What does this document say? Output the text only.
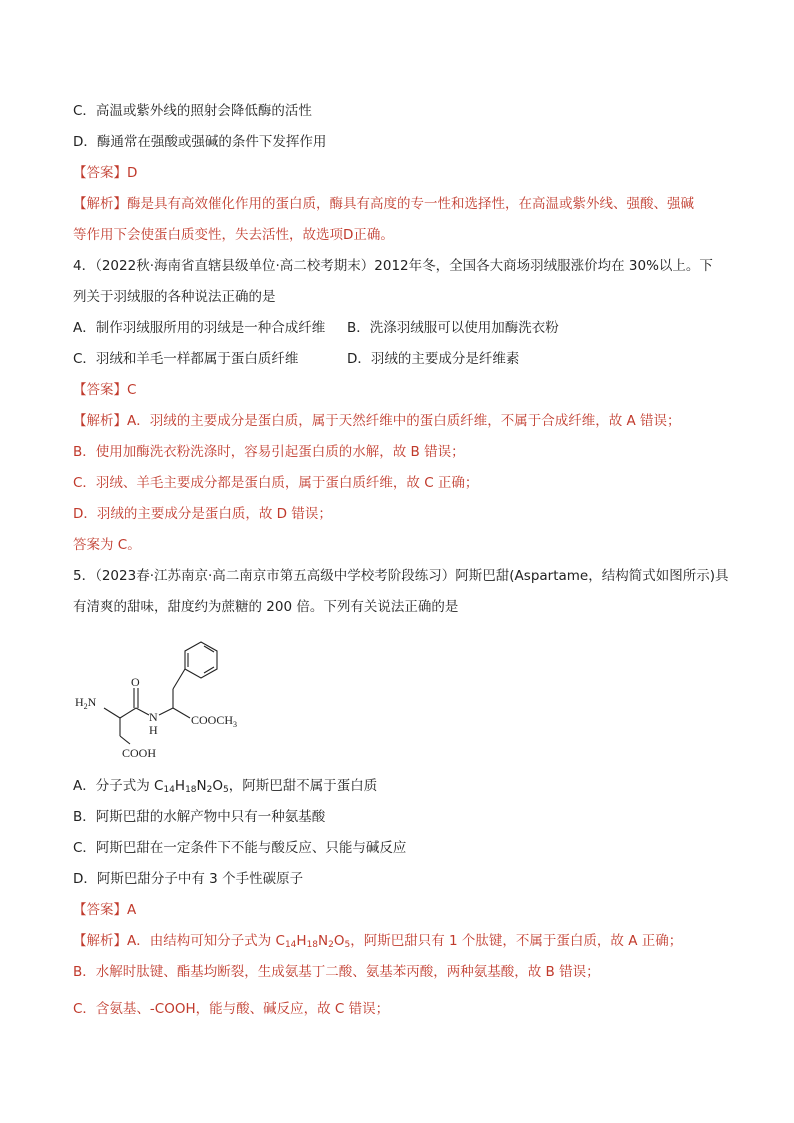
C．高温或紫外线的照射会降低酶的活性
D．酶通常在强酸或强碱的条件下发挥作用
【答案】D
【解析】酶是具有高效催化作用的蛋白质，酶具有高度的专一性和选择性，在高温或紫外线、强酸、强碱
等作用下会使蛋白质变性，失去活性，故选项D正确。
4．（2022秋·海南省直辖县级单位·高二校考期末）2012年冬，全国各大商场羽绒服涨价均在 30%以上。下
列关于羽绒服的各种说法正确的是
A．制作羽绒服所用的羽绒是一种合成纤维 B．洗涤羽绒服可以使用加酶洗衣粉
C．羽绒和羊毛一样都属于蛋白质纤维	D．羽绒的主要成分是纤维素
【答案】C
【解析】A．羽绒的主要成分是蛋白质，属于天然纤维中的蛋白质纤维，不属于合成纤维，故 A 错误；
B．使用加酶洗衣粉洗涤时，容易引起蛋白质的水解，故 B 错误；
C．羽绒、羊毛主要成分都是蛋白质，属于蛋白质纤维，故 C 正确；
D．羽绒的主要成分是蛋白质，故 D 错误；
答案为 C。
5．（2023春·江苏南京·高二南京市第五高级中学校考阶段练习）阿斯巴甜(Aspartame，结构简式如图所示)具
有清爽的甜味，甜度约为蔗糖的 200 倍。下列有关说法正确的是
$H_2N$
O
N
H
$COOCH_3$
COOH
A．分子式为 $C_{14}H_{18}N_2O_5$，阿斯巴甜不属于蛋白质
B．阿斯巴甜的水解产物中只有一种氨基酸
C．阿斯巴甜在一定条件下不能与酸反应、只能与碱反应
D．阿斯巴甜分子中有 3 个手性碳原子
【答案】A
【解析】A．由结构可知分子式为 $C_{14}H_{18}N_2O_5$，阿斯巴甜只有 1 个肽键，不属于蛋白质，故 A 正确；
B．水解时肽键、酯基均断裂，生成氨基丁二酸、氨基苯丙酸，两种氨基酸，故 B 错误；
C．含氨基、-COOH，能与酸、碱反应，故 C 错误；
